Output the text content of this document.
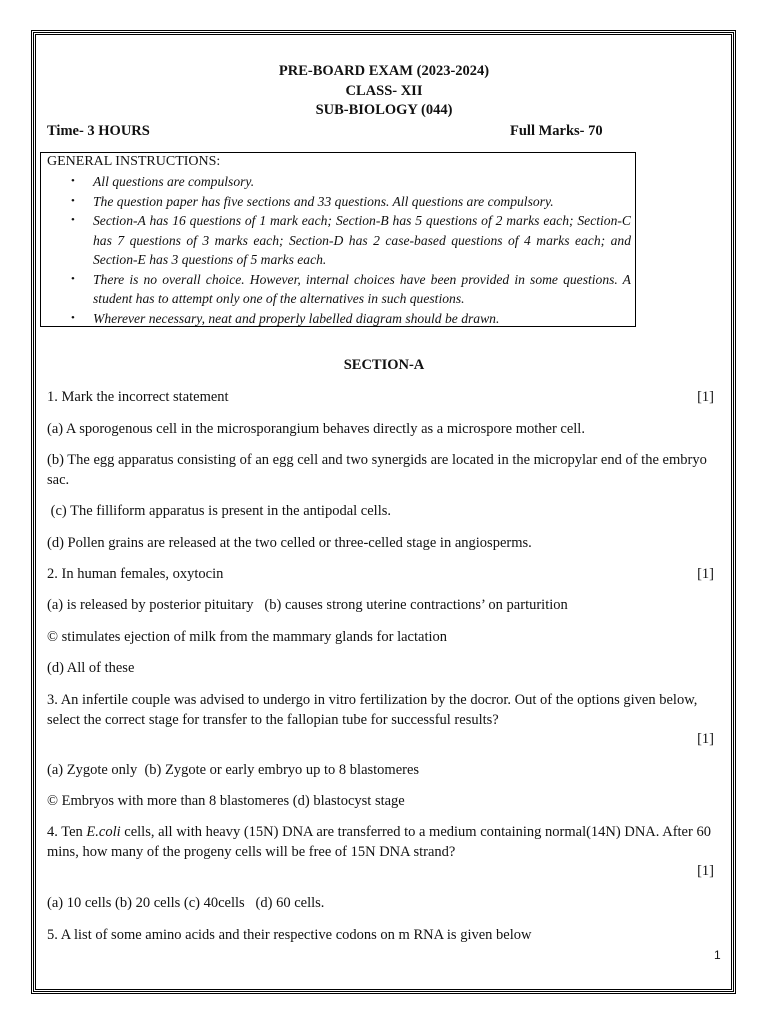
PRE-BOARD EXAM (2023-2024)
CLASS- XII
SUB-BIOLOGY (044)
Time- 3 HOURS	Full Marks- 70
GENERAL INSTRUCTIONS:
• All questions are compulsory.
• The question paper has five sections and 33 questions. All questions are compulsory.
• Section-A has 16 questions of 1 mark each; Section-B has 5 questions of 2 marks each; Section-C has 7 questions of 3 marks each; Section-D has 2 case-based questions of 4 marks each; and Section-E has 3 questions of 5 marks each.
• There is no overall choice. However, internal choices have been provided in some questions. A student has to attempt only one of the alternatives in such questions.
• Wherever necessary, neat and properly labelled diagram should be drawn.
SECTION-A
1. Mark the incorrect statement	[1]
(a) A sporogenous cell in the microsporangium behaves directly as a microspore mother cell.
(b) The egg apparatus consisting of an egg cell and two synergids are located in the micropylar end of the embryo sac.
(c) The filliform apparatus is present in the antipodal cells.
(d) Pollen grains are released at the two celled or three-celled stage in angiosperms.
2. In human females, oxytocin	[1]
(a) is released by posterior pituitary   (b) causes strong uterine contractions’ on parturition
© stimulates ejection of milk from the mammary glands for lactation
(d) All of these
3. An infertile couple was advised to undergo in vitro fertilization by the docror. Out of the options given below, select the correct stage for transfer to the fallopian tube for successful results?
[1]
(a) Zygote only  (b) Zygote or early embryo up to 8 blastomeres
© Embryos with more than 8 blastomeres (d) blastocyst stage
4. Ten E.coli cells, all with heavy (15N) DNA are transferred to a medium containing normal(14N) DNA. After 60 mins, how many of the progeny cells will be free of 15N DNA strand?
[1]
(a) 10 cells (b) 20 cells (c) 40cells   (d) 60 cells.
5. A list of some amino acids and their respective codons on m RNA is given below
1
